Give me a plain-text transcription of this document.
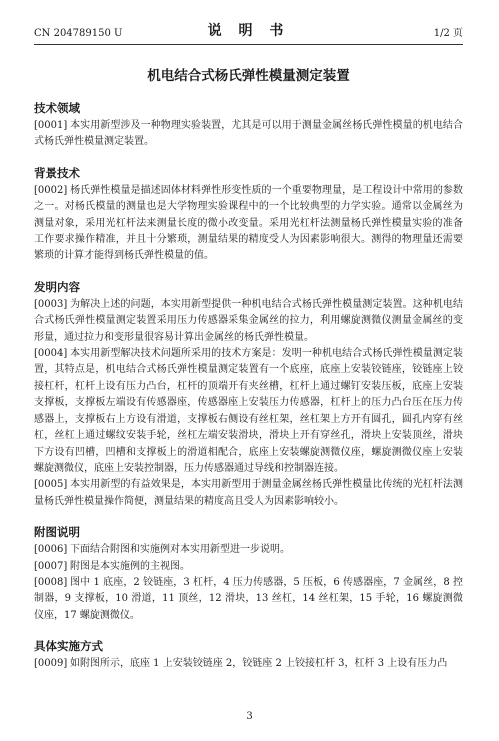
CN 204789150 U	说 明 书	1/2 页
机电结合式杨氏弹性模量测定装置
技术领域

[0001] 本实用新型涉及一种物理实验装置，尤其是可以用于测量金属丝杨氏弹性模量的机电结合式杨氏弹性模量测定装置。

背景技术

[0002] 杨氏弹性模量是描述固体材料弹性形变性质的一个重要物理量，是工程设计中常用的参数之一。对杨氏模量的测量也是大学物理实验课程中的一个比较典型的力学实验。通常以金属丝为测量对象，采用光杠杆法来测量长度的微小改变量。采用光杠杆法测量杨氏弹性模量实验的准备工作要求操作精准，并且十分繁琐，测量结果的精度受人为因素影响很大。测得的物理量还需要繁琐的计算才能得到杨氏弹性模量的值。

发明内容

[0003] 为解决上述的问题，本实用新型提供一种机电结合式杨氏弹性模量测定装置。这种机电结合式杨氏弹性模量测定装置采用压力传感器采集金属丝的拉力，利用螺旋测微仪测量金属丝的变形量，通过拉力和变形量很容易计算出金属丝的杨氏弹性模量。

[0004] 本实用新型解决技术问题所采用的技术方案是：发明一种机电结合式杨氏弹性模量测定装置，其特点是，机电结合式杨氏弹性模量测定装置有一个底座，底座上安装铰链座，铰链座上铰接杠杆，杠杆上设有压力凸台，杠杆的顶端开有夹丝槽，杠杆上通过螺钉安装压板，底座上安装支撑板，支撑板左端设有传感器座，传感器座上安装压力传感器，杠杆上的压力凸台压在压力传感器上，支撑板右上方设有滑道，支撑板右侧设有丝杠架，丝杠架上方开有圆孔，圆孔内穿有丝杠，丝杠上通过螺纹安装手轮，丝杠左端安装滑块，滑块上开有穿丝孔，滑块上安装顶丝，滑块下方设有凹槽，凹槽和支撑板上的滑道相配合，底座上安装螺旋测微仪座，螺旋测微仪座上安装螺旋测微仪，底座上安装控制器，压力传感器通过导线和控制器连接。

[0005] 本实用新型的有益效果是，本实用新型用于测量金属丝杨氏弹性模量比传统的光杠杆法测量杨氏弹性模量操作简便，测量结果的精度高且受人为因素影响较小。

附图说明

[0006] 下面结合附图和实施例对本实用新型进一步说明。

[0007] 附图是本实施例的主视图。

[0008] 图中 1 底座，2 铰链座，3 杠杆，4 压力传感器，5 压板，6 传感器座，7 金属丝，8 控制器，9 支撑板，10 滑道，11 顶丝，12 滑块，13 丝杠，14 丝杠架，15 手轮，16 螺旋测微仪座，17 螺旋测微仪。

具体实施方式

[0009] 如附图所示，底座 1 上安装铰链座 2，铰链座 2 上铰接杠杆 3，杠杆 3 上设有压力凸

3
